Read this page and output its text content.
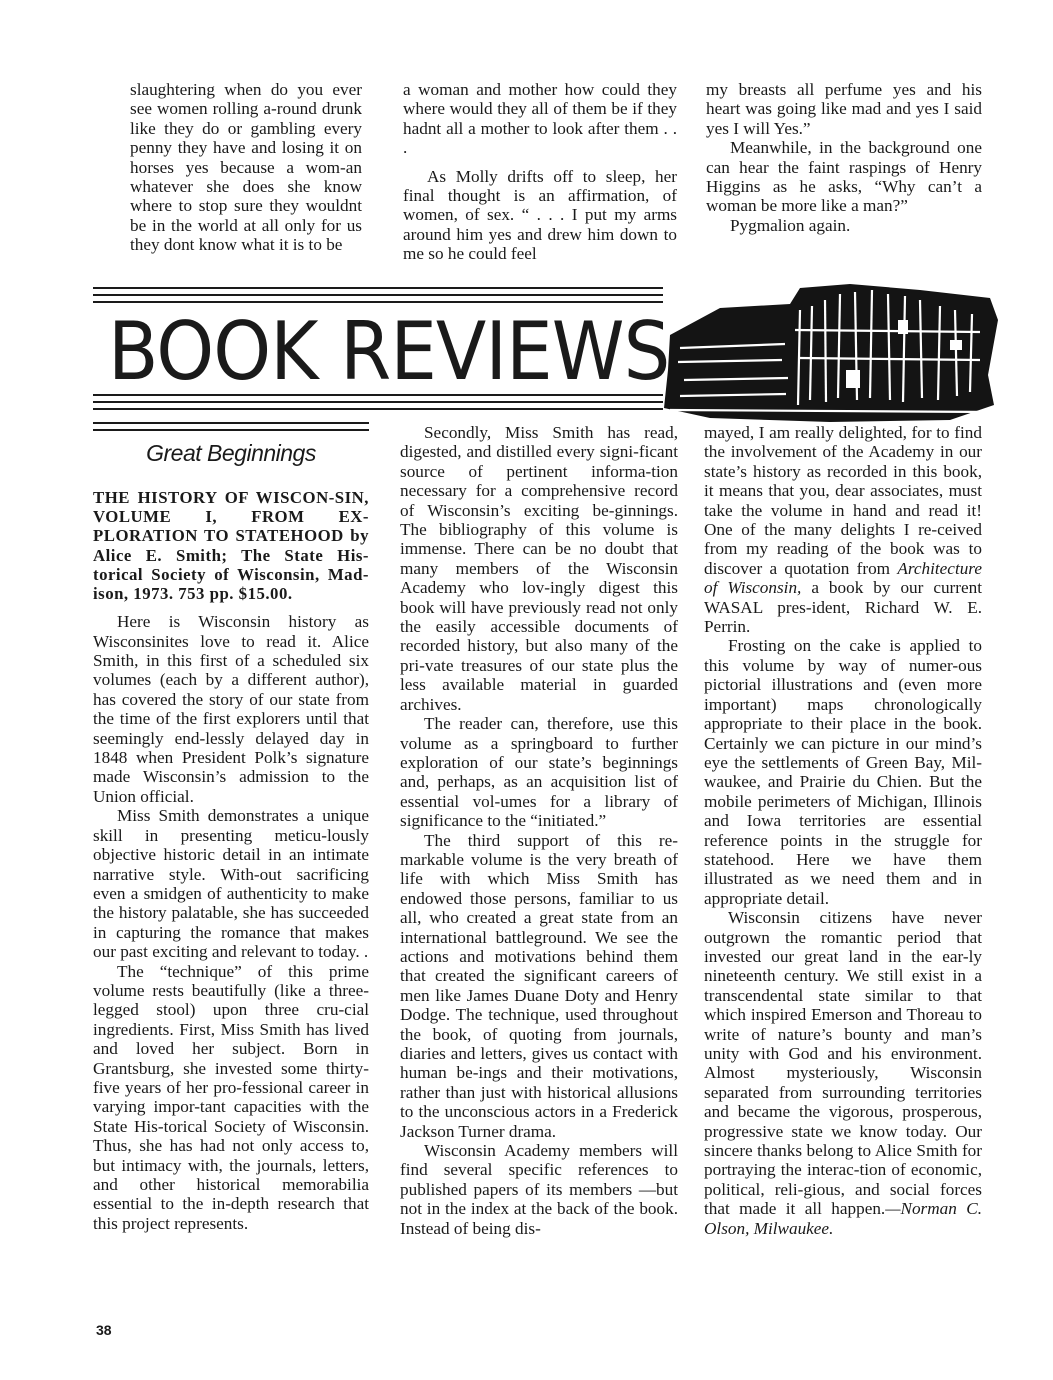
slaughtering when do you ever see women rolling a-round drunk like they do or gambling every penny they have and losing it on horses yes because a wom-an whatever she does she know where to stop sure they wouldnt be in the world at all only for us they dont know what it is to be

a woman and mother how could they where would they all of them be if they hadnt all a mother to look after them . . .

As Molly drifts off to sleep, her final thought is an affirmation, of women, of sex. “ . . . I put my arms around him yes and drew him down to me so he could feel

my breasts all perfume yes and his heart was going like mad and yes I said yes I will Yes.”

Meanwhile, in the background one can hear the faint raspings of Henry Higgins as he asks, “Why can’t a woman be more like a man?”

Pygmalion again.

BOOK REVIEWS
Great Beginnings

THE HISTORY OF WISCON-SIN, VOLUME I, FROM EX-PLORATION TO STATEHOOD by Alice E. Smith; The State His-torical Society of Wisconsin, Mad-ison, 1973. 753 pp. $15.00.

Here is Wisconsin history as Wisconsinites love to read it. Alice Smith, in this first of a scheduled six volumes (each by a different author), has covered the story of our state from the time of the first explorers until that seemingly end-lessly delayed day in 1848 when President Polk’s signature made Wisconsin’s admission to the Union official.

Miss Smith demonstrates a unique skill in presenting meticu-lously objective historic detail in an intimate narrative style. With-out sacrificing even a smidgen of authenticity to make the history palatable, she has succeeded in capturing the romance that makes our past exciting and relevant to today. .

The “technique” of this prime volume rests beautifully (like a three-legged stool) upon three cru-cial ingredients. First, Miss Smith has lived and loved her subject. Born in Grantsburg, she invested some thirty-five years of her pro-fessional career in varying impor-tant capacities with the State His-torical Society of Wisconsin. Thus, she has had not only access to, but intimacy with, the journals, letters, and other historical memorabilia essential to the in-depth research that this project represents.

Secondly, Miss Smith has read, digested, and distilled every signi-ficant source of pertinent informa-tion necessary for a comprehensive record of Wisconsin’s exciting be-ginnings. The bibliography of this volume is immense. There can be no doubt that many members of the Wisconsin Academy who lov-ingly digest this book will have previously read not only the easily accessible documents of recorded history, but also many of the pri-vate treasures of our state plus the less available material in guarded archives.

The reader can, therefore, use this volume as a springboard to further exploration of our state’s beginnings and, perhaps, as an acquisition list of essential vol-umes for a library of significance to the “initiated.”

The third support of this re-markable volume is the very breath of life with which Miss Smith has endowed those persons, familiar to us all, who created a great state from an international battleground. We see the actions and motivations behind them that created the significant careers of men like James Duane Doty and Henry Dodge. The technique, used throughout the book, of quoting from journals, diaries and letters, gives us contact with human be-ings and their motivations, rather than just with historical allusions to the unconscious actors in a Frederick Jackson Turner drama.

Wisconsin Academy members will find several specific references to published papers of its members —but not in the index at the back of the book. Instead of being dis-

mayed, I am really delighted, for to find the involvement of the Academy in our state’s history as recorded in this book, it means that you, dear associates, must take the volume in hand and read it! One of the many delights I re-ceived from my reading of the book was to discover a quotation from Architecture of Wisconsin, a book by our current WASAL pres-ident, Richard W. E. Perrin.

Frosting on the cake is applied to this volume by way of numer-ous pictorial illustrations and (even more important) maps chronologically appropriate to their place in the book. Certainly we can picture in our mind’s eye the settlements of Green Bay, Mil-waukee, and Prairie du Chien. But the mobile perimeters of Michigan, Illinois and Iowa territories are essential reference points in the struggle for statehood. Here we have them illustrated as we need them and in appropriate detail.

Wisconsin citizens have never outgrown the romantic period that invested our great land in the ear-ly nineteenth century. We still exist in a transcendental state similar to that which inspired Emerson and Thoreau to write of nature’s bounty and man’s unity with God and his environment. Almost mysteriously, Wisconsin separated from surrounding territories and became the vigorous, prosperous, progressive state we know today. Our sincere thanks belong to Alice Smith for portraying the interac-tion of economic, political, reli-gious, and social forces that made it all happen.—Norman C. Olson, Milwaukee.

38
